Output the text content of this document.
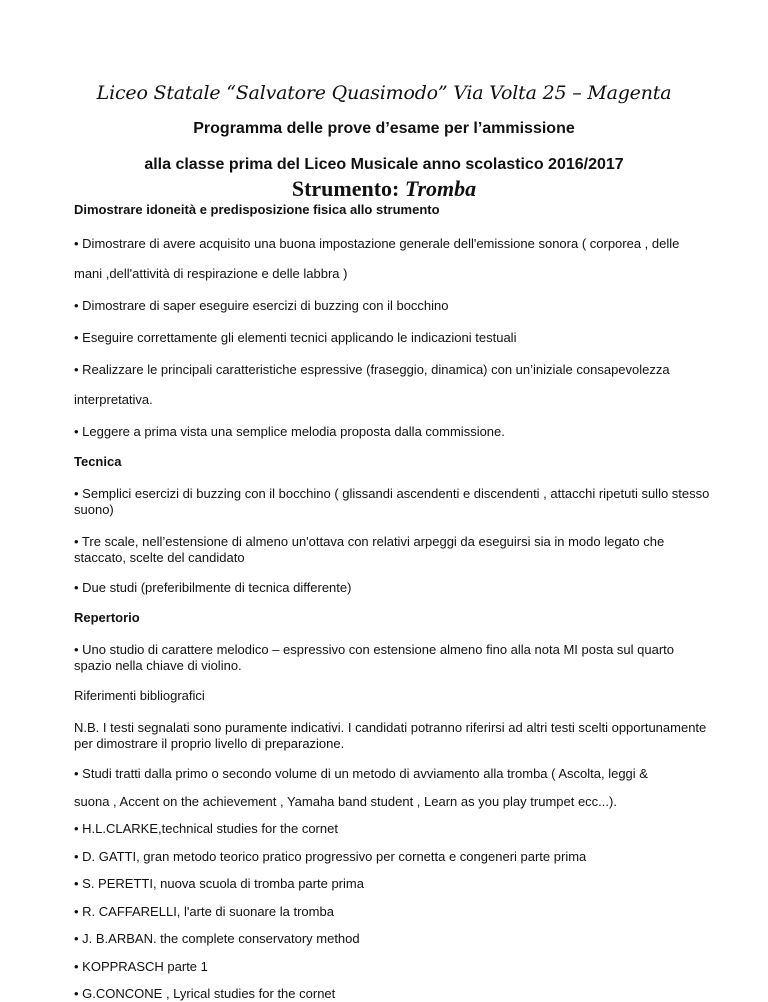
Liceo Statale “Salvatore Quasimodo” Via Volta 25 – Magenta
Programma delle prove d’esame per l’ammissione
alla classe prima del Liceo Musicale anno scolastico 2016/2017
Strumento: Tromba
Dimostrare idoneità e predisposizione fisica allo strumento
• Dimostrare di avere acquisito una buona impostazione generale dell'emissione sonora ( corporea , delle
mani ,dell'attività di respirazione e delle labbra )
• Dimostrare di saper eseguire esercizi di buzzing con il bocchino
• Eseguire correttamente gli elementi tecnici applicando le indicazioni testuali
• Realizzare le principali caratteristiche espressive (fraseggio, dinamica) con un’iniziale consapevolezza
interpretativa.
• Leggere a prima vista una semplice melodia proposta dalla commissione.
Tecnica
• Semplici esercizi di buzzing con il bocchino ( glissandi ascendenti e discendenti , attacchi ripetuti sullo stesso suono)
• Tre scale, nell’estensione di almeno un'ottava con relativi arpeggi da eseguirsi sia in modo legato che staccato, scelte del candidato
• Due studi (preferibilmente di tecnica differente)
Repertorio
• Uno studio di carattere melodico – espressivo con estensione almeno fino alla nota MI posta sul quarto spazio nella chiave di violino.
Riferimenti bibliografici
N.B. I testi segnalati sono puramente indicativi. I candidati potranno riferirsi ad altri testi scelti opportunamente per dimostrare il proprio livello di preparazione.
• Studi tratti dalla primo o secondo volume di un metodo di avviamento alla tromba ( Ascolta, leggi &
suona , Accent on the achievement , Yamaha band student , Learn as you play trumpet ecc...).
• H.L.CLARKE,technical studies for the cornet
• D. GATTI, gran metodo teorico pratico progressivo per cornetta e congeneri parte prima
• S. PERETTI, nuova scuola di tromba parte prima
• R. CAFFARELLI, l'arte di suonare la tromba
• J. B.ARBAN. the complete conservatory method
• KOPPRASCH parte 1
• G.CONCONE , Lyrical studies for the cornet
